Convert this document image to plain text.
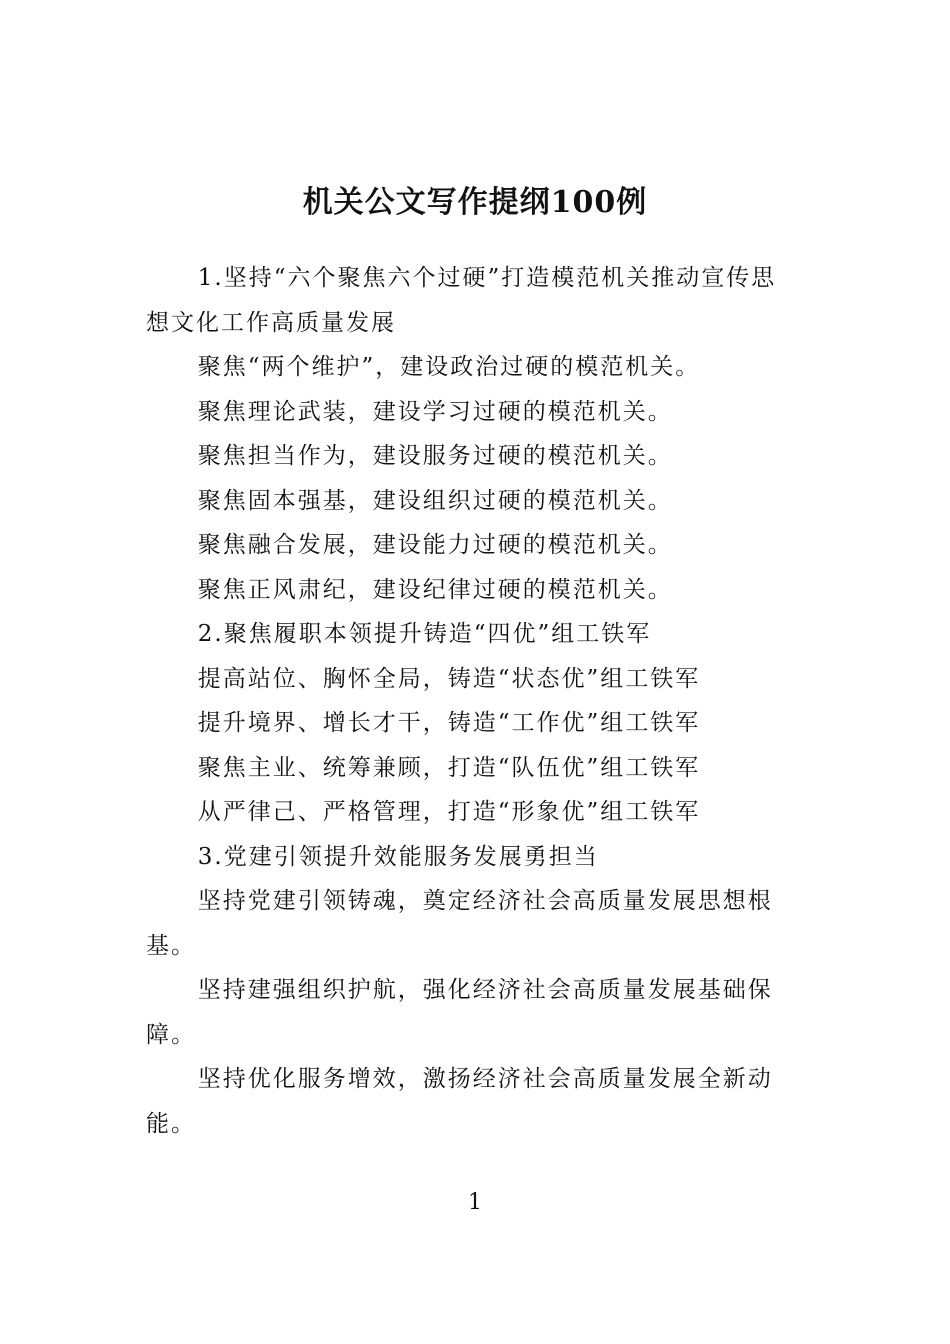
机关公文写作提纲100例

1.坚持“六个聚焦六个过硬”打造模范机关推动宣传思想文化工作高质量发展

聚焦“两个维护”，建设政治过硬的模范机关。

聚焦理论武装，建设学习过硬的模范机关。

聚焦担当作为，建设服务过硬的模范机关。

聚焦固本强基，建设组织过硬的模范机关。

聚焦融合发展，建设能力过硬的模范机关。

聚焦正风肃纪，建设纪律过硬的模范机关。

2.聚焦履职本领提升铸造“四优”组工铁军

提高站位、胸怀全局，铸造“状态优”组工铁军

提升境界、增长才干，铸造“工作优”组工铁军

聚焦主业、统筹兼顾，打造“队伍优”组工铁军

从严律己、严格管理，打造“形象优”组工铁军

3.党建引领提升效能服务发展勇担当

坚持党建引领铸魂，奠定经济社会高质量发展思想根基。

坚持建强组织护航，强化经济社会高质量发展基础保障。

坚持优化服务增效，激扬经济社会高质量发展全新动能。

1
